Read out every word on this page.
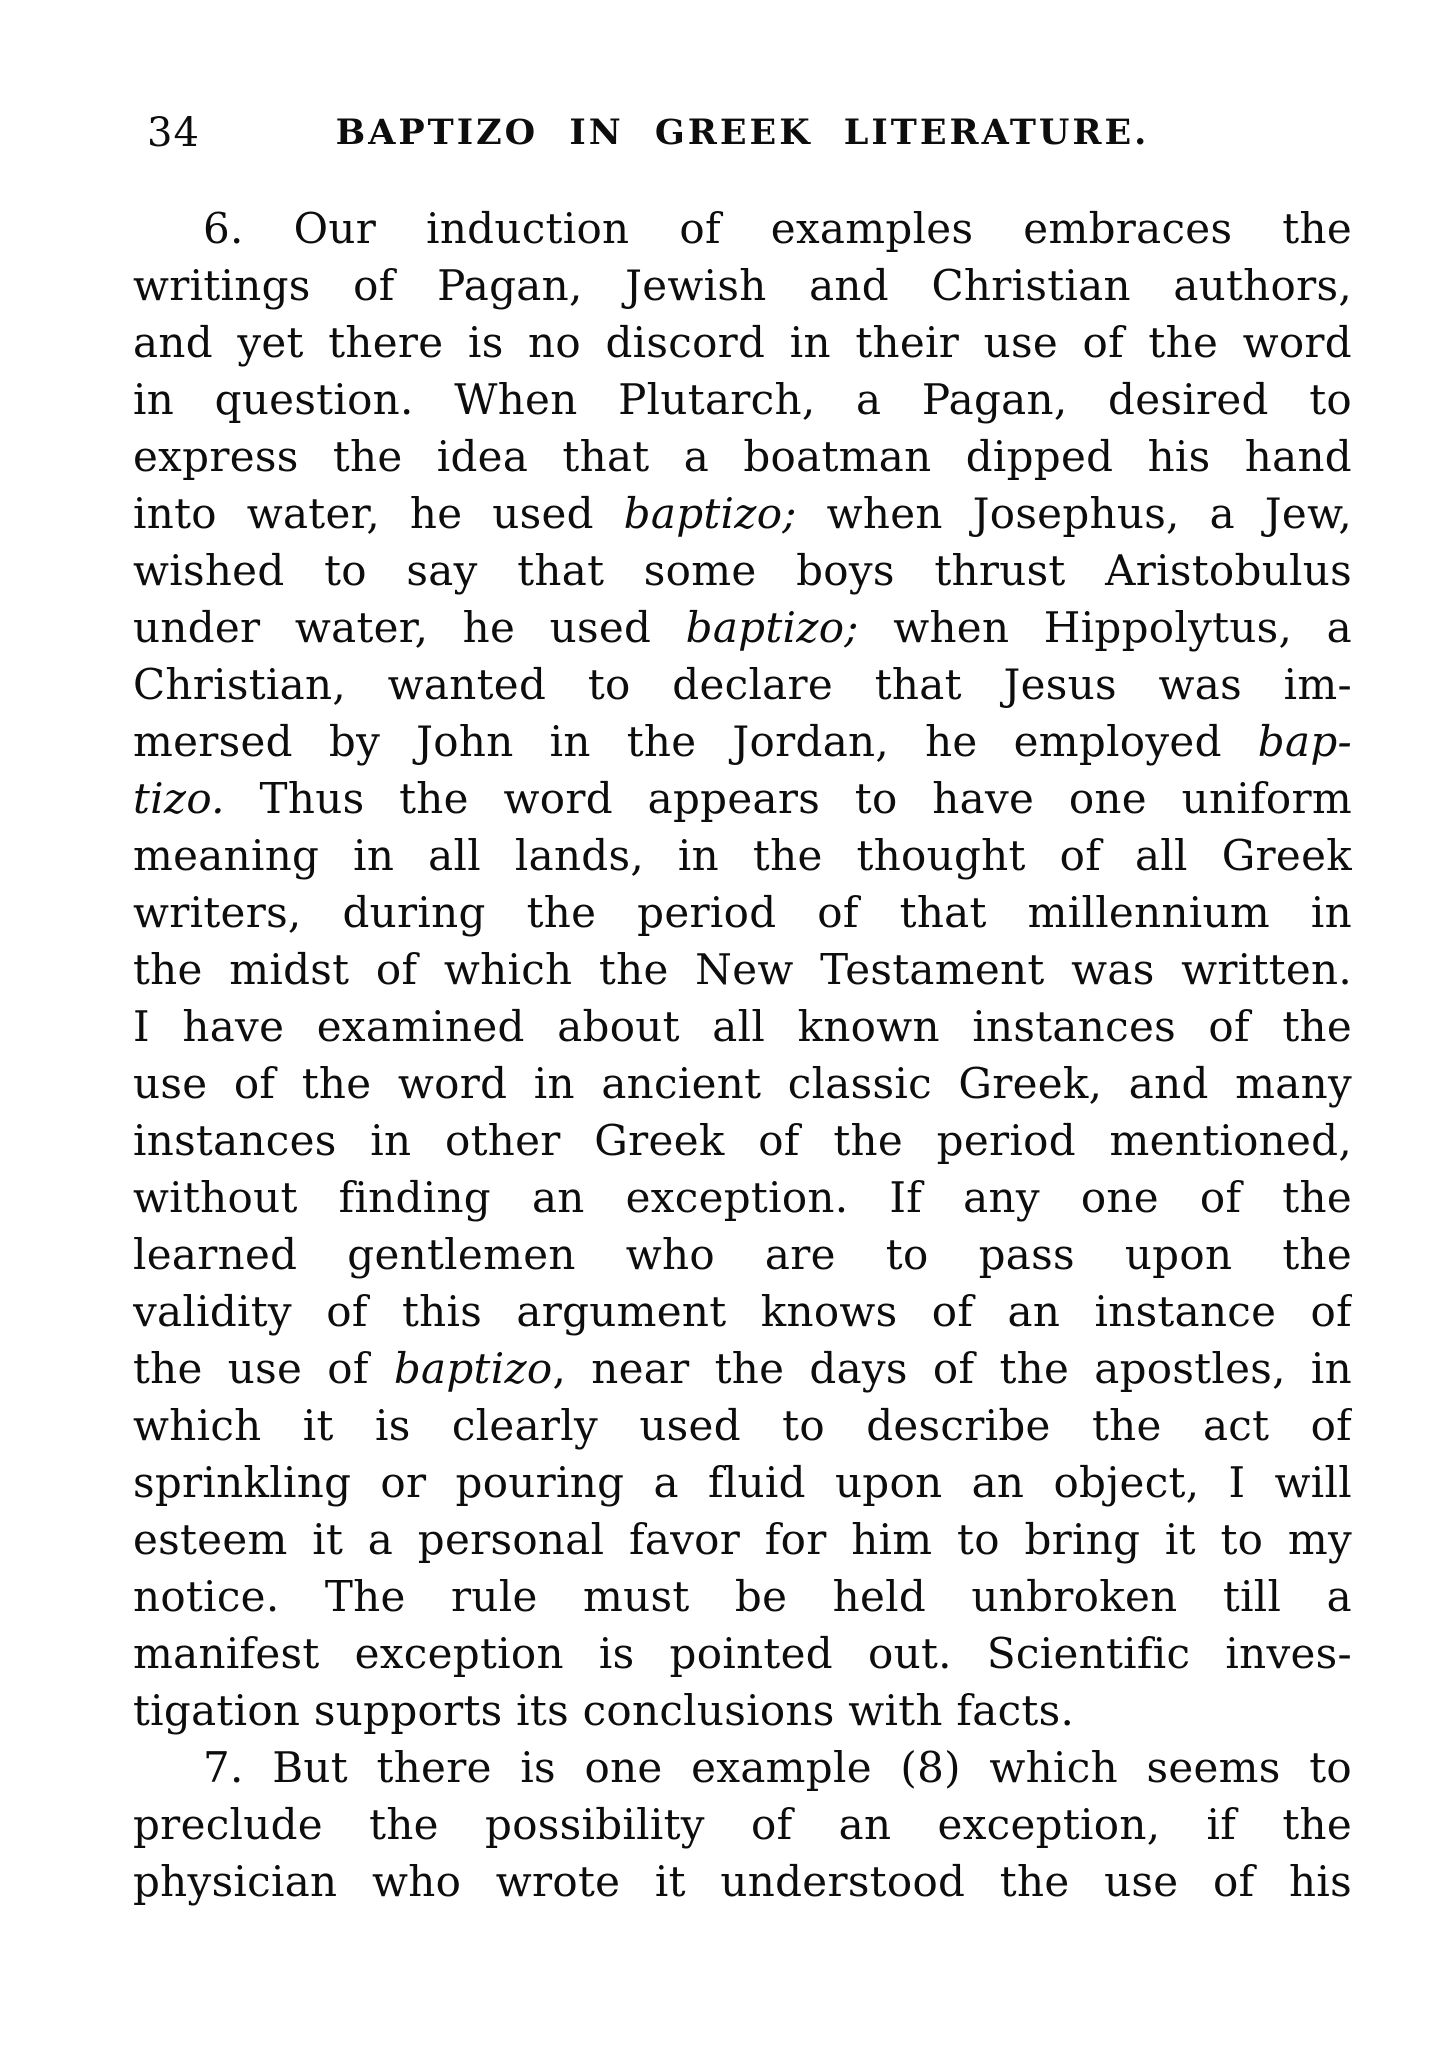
34	BAPTIZO IN GREEK LITERATURE.
6. Our induction of examples embraces the
writings of Pagan, Jewish and Christian authors,
and yet there is no discord in their use of the word
in question. When Plutarch, a Pagan, desired to
express the idea that a boatman dipped his hand
into water, he used baptizo; when Josephus, a Jew,
wished to say that some boys thrust Aristobulus
under water, he used baptizo; when Hippolytus, a
Christian, wanted to declare that Jesus was im-
mersed by John in the Jordan, he employed bap-
tizo. Thus the word appears to have one uniform
meaning in all lands, in the thought of all Greek
writers, during the period of that millennium in
the midst of which the New Testament was written.
I have examined about all known instances of the
use of the word in ancient classic Greek, and many
instances in other Greek of the period mentioned,
without finding an exception. If any one of the
learned gentlemen who are to pass upon the
validity of this argument knows of an instance of
the use of baptizo, near the days of the apostles, in
which it is clearly used to describe the act of
sprinkling or pouring a fluid upon an object, I will
esteem it a personal favor for him to bring it to my
notice. The rule must be held unbroken till a
manifest exception is pointed out. Scientific inves-
tigation supports its conclusions with facts.
7. But there is one example (8) which seems to
preclude the possibility of an exception, if the
physician who wrote it understood the use of his
